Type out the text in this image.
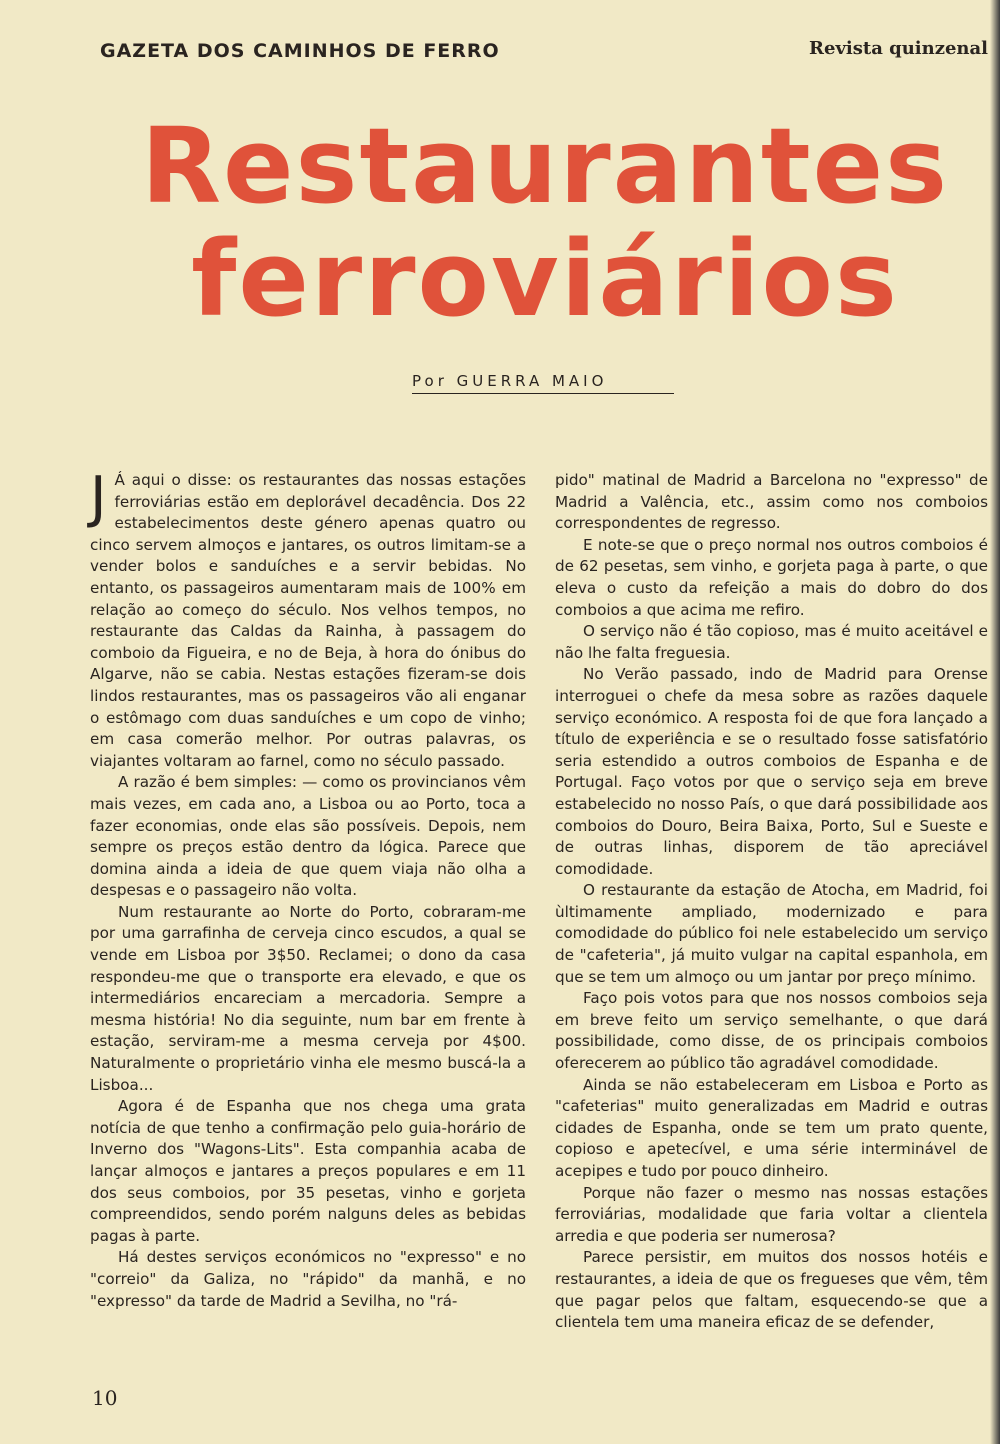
GAZETA DOS CAMINHOS DE FERRO	Revista quinzenal
Restaurantes
ferroviários
Por GUERRA MAIO

J Á aqui o disse: os restaurantes das nossas estações ferroviárias estão em deplorável decadência. Dos 22 estabelecimentos deste género apenas quatro ou cinco servem almoços e jantares, os outros limitam-se a vender bolos e sanduíches e a servir bebidas. No entanto, os passageiros aumentaram mais de 100% em relação ao começo do século. Nos velhos tempos, no restaurante das Caldas da Rainha, à passagem do comboio da Figueira, e no de Beja, à hora do ónibus do Algarve, não se cabia. Nestas estações fizeram-se dois lindos restaurantes, mas os passageiros vão ali enganar o estômago com duas sanduíches e um copo de vinho; em casa comerão melhor. Por outras palavras, os viajantes voltaram ao farnel, como no século passado.

A razão é bem simples: — como os provincianos vêm mais vezes, em cada ano, a Lisboa ou ao Porto, toca a fazer economias, onde elas são possíveis. Depois, nem sempre os preços estão dentro da lógica. Parece que domina ainda a ideia de que quem viaja não olha a despesas e o passageiro não volta.

Num restaurante ao Norte do Porto, cobraram-me por uma garrafinha de cerveja cinco escudos, a qual se vende em Lisboa por 3$50. Reclamei; o dono da casa respondeu-me que o transporte era elevado, e que os intermediários encareciam a mercadoria. Sempre a mesma história! No dia seguinte, num bar em frente à estação, serviram-me a mesma cerveja por 4$00. Naturalmente o proprietário vinha ele mesmo buscá-la a Lisboa...

Agora é de Espanha que nos chega uma grata notícia de que tenho a confirmação pelo guia-horário de Inverno dos "Wagons-Lits". Esta companhia acaba de lançar almoços e jantares a preços populares e em 11 dos seus comboios, por 35 pesetas, vinho e gorjeta compreendidos, sendo porém nalguns deles as bebidas pagas à parte.

Há destes serviços económicos no "expresso" e no "correio" da Galiza, no "rápido" da manhã, e no "expresso" da tarde de Madrid a Sevilha, no "rá-

pido" matinal de Madrid a Barcelona no "expresso" de Madrid a Valência, etc., assim como nos comboios correspondentes de regresso.

E note-se que o preço normal nos outros comboios é de 62 pesetas, sem vinho, e gorjeta paga à parte, o que eleva o custo da refeição a mais do dobro do dos comboios a que acima me refiro.

O serviço não é tão copioso, mas é muito aceitável e não lhe falta freguesia.

No Verão passado, indo de Madrid para Orense interroguei o chefe da mesa sobre as razões daquele serviço económico. A resposta foi de que fora lançado a título de experiência e se o resultado fosse satisfatório seria estendido a outros comboios de Espanha e de Portugal. Faço votos por que o serviço seja em breve estabelecido no nosso País, o que dará possibilidade aos comboios do Douro, Beira Baixa, Porto, Sul e Sueste e de outras linhas, disporem de tão apreciável comodidade.

O restaurante da estação de Atocha, em Madrid, foi ùltimamente ampliado, modernizado e para comodidade do público foi nele estabelecido um serviço de "cafeteria", já muito vulgar na capital espanhola, em que se tem um almoço ou um jantar por preço mínimo.

Faço pois votos para que nos nossos comboios seja em breve feito um serviço semelhante, o que dará possibilidade, como disse, de os principais comboios oferecerem ao público tão agradável comodidade.

Ainda se não estabeleceram em Lisboa e Porto as "cafeterias" muito generalizadas em Madrid e outras cidades de Espanha, onde se tem um prato quente, copioso e apetecível, e uma série interminável de acepipes e tudo por pouco dinheiro.

Porque não fazer o mesmo nas nossas estações ferroviárias, modalidade que faria voltar a clientela arredia e que poderia ser numerosa?

Parece persistir, em muitos dos nossos hotéis e restaurantes, a ideia de que os fregueses que vêm, têm que pagar pelos que faltam, esquecendo-se que a clientela tem uma maneira eficaz de se defender,

10
